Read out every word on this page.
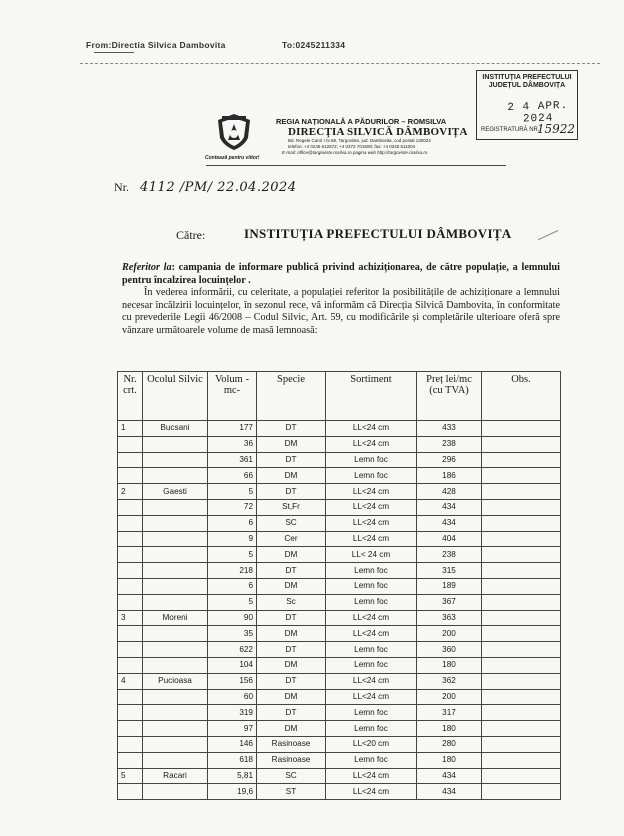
From:Directia Silvica Dambovita	To:0245211334
INSTITUȚIA PREFECTULUI JUDEȚUL DÂMBOVIȚA
2 4 APR. 2024
REGISTRATURĂ NR.
15922
Contează pentru viitor!
REGIA NAȚIONALĂ A PĂDURILOR – ROMSILVA
DIRECȚIA SILVICĂ DÂMBOVIȚA
Bd. Regele Carol I nr.68, Targoviste, jud. Dambovita, cod postal 130024
telefon: +4 0245 612672; +4 0372 701608; fax: +4 0245 611004
E-mail: office@targoviste.rosilva.ro pagina web http://targoviste.rosilva.ro
Nr. 4112 /PM/ 22.04.2024
Către:	INSTITUȚIA PREFECTULUI DÂMBOVIȚA

Referitor la: campania de informare publică privind achiziționarea, de către populație, a lemnului pentru încalzirea locuințelor .

În vederea informării, cu celeritate, a populației referitor la posibilitățile de achiziționare a lemnului necesar încălzirii locuințelor, în sezonul rece, vă informăm că Direcția Silvică Dambovita, în conformitate cu prevederile Legii 46/2008 – Codul Silvic, Art. 59, cu modificările și completările ulterioare oferă spre vânzare următoarele volume de masă lemnoasă:

Nr. crt.	Ocolul Silvic	Volum -mc-	Specie	Sortiment	Preț lei/mc (cu TVA)	Obs.
1	Bucsani	177	DT	LL<24 cm	433	
		36	DM	LL<24 cm	238	
		361	DT	Lemn foc	296	
		66	DM	Lemn foc	186	
2	Gaesti	5	DT	LL<24 cm	428	
		72	St,Fr	LL<24 cm	434	
		6	SC	LL<24 cm	434	
		9	Cer	LL<24 cm	404	
		5	DM	LL< 24 cm	238	
		218	DT	Lemn foc	315	
		6	DM	Lemn foc	189	
		5	Sc	Lemn foc	367	
3	Moreni	90	DT	LL<24 cm	363	
		35	DM	LL<24 cm	200	
		622	DT	Lemn foc	360	
		104	DM	Lemn foc	180	
4	Pucioasa	156	DT	LL<24 cm	362	
		60	DM	LL<24 cm	200	
		319	DT	Lemn foc	317	
		97	DM	Lemn foc	180	
		146	Rasinoase	LL<20 cm	280	
		618	Rasinoase	Lemn foc	180	
5	Racari	5,81	SC	LL<24 cm	434	
		19,6	ST	LL<24 cm	434	
